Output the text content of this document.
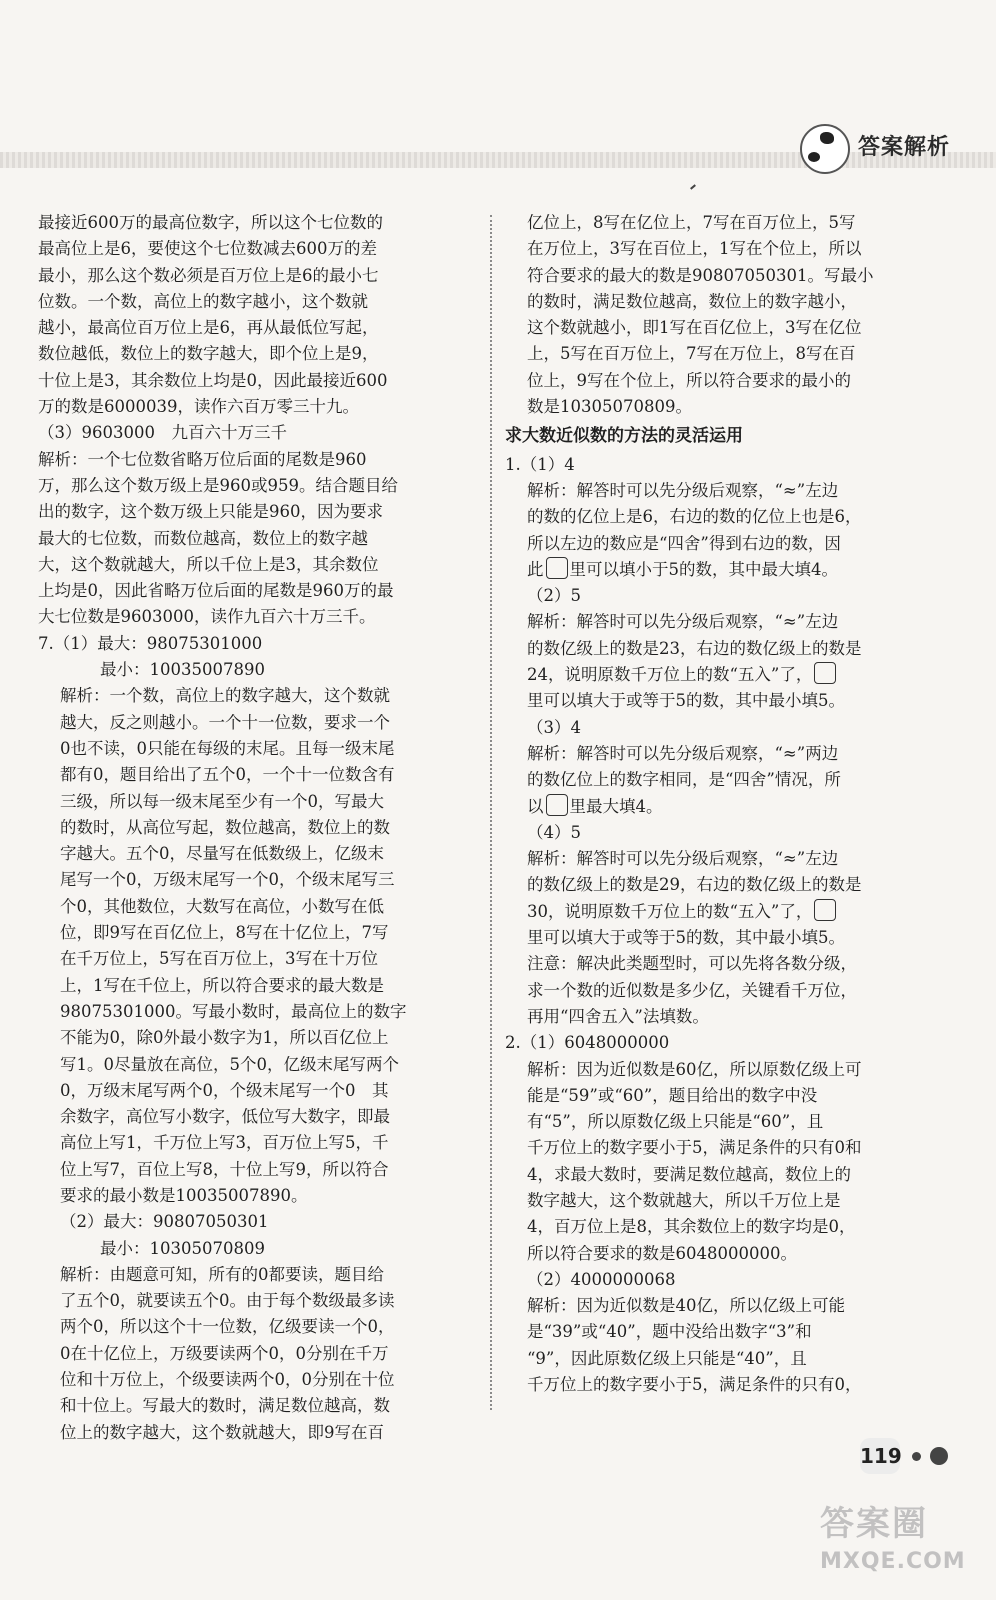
答案解析
最接近600万的最高位数字，所以这个七位数的
最高位上是6，要使这个七位数减去600万的差
最小，那么这个数必须是百万位上是6的最小七
位数。一个数，高位上的数字越小，这个数就
越小，最高位百万位上是6，再从最低位写起，
数位越低，数位上的数字越大，即个位上是9，
十位上是3，其余数位上均是0，因此最接近600
万的数是6000039，读作六百万零三十九。
（3）9603000　九百六十万三千
解析：一个七位数省略万位后面的尾数是960
万，那么这个数万级上是960或959。结合题目给
出的数字，这个数万级上只能是960，因为要求
最大的七位数，而数位越高，数位上的数字越
大，这个数就越大，所以千位上是3，其余数位
上均是0，因此省略万位后面的尾数是960万的最
大七位数是9603000，读作九百六十万三千。
7.（1）最大：98075301000
最小：10035007890
解析：一个数，高位上的数字越大，这个数就
越大，反之则越小。一个十一位数，要求一个
0也不读，0只能在每级的末尾。且每一级末尾
都有0，题目给出了五个0，一个十一位数含有
三级，所以每一级末尾至少有一个0，写最大
的数时，从高位写起，数位越高，数位上的数
字越大。五个0，尽量写在低数级上，亿级末
尾写一个0，万级末尾写一个0，个级末尾写三
个0，其他数位，大数写在高位，小数写在低
位，即9写在百亿位上，8写在十亿位上，7写
在千万位上，5写在百万位上，3写在十万位
上，1写在千位上，所以符合要求的最大数是
98075301000。写最小数时，最高位上的数字
不能为0，除0外最小数字为1，所以百亿位上
写1。0尽量放在高位，5个0，亿级末尾写两个
0，万级末尾写两个0，个级末尾写一个0　其
余数字，高位写小数字，低位写大数字，即最
高位上写1，千万位上写3，百万位上写5，千
位上写7，百位上写8，十位上写9，所以符合
要求的最小数是10035007890。
（2）最大：90807050301
最小：10305070809
解析：由题意可知，所有的0都要读，题目给
了五个0，就要读五个0。由于每个数级最多读
两个0，所以这个十一位数，亿级要读一个0，
0在十亿位上，万级要读两个0，0分别在千万
位和十万位上，个级要读两个0，0分别在十位
和十位上。写最大的数时，满足数位越高，数
位上的数字越大，这个数就越大，即9写在百
亿位上，8写在亿位上，7写在百万位上，5写
在万位上，3写在百位上，1写在个位上，所以
符合要求的最大的数是90807050301。写最小
的数时，满足数位越高，数位上的数字越小，
这个数就越小，即1写在百亿位上，3写在亿位
上，5写在百万位上，7写在万位上，8写在百
位上，9写在个位上，所以符合要求的最小的
数是10305070809。
求大数近似数的方法的灵活运用
1.（1）4
解析：解答时可以先分级后观察，“≈”左边
的数的亿位上是6，右边的数的亿位上也是6，
所以左边的数应是“四舍”得到右边的数，因
此 里可以填小于5的数，其中最大填4。
（2）5
解析：解答时可以先分级后观察，“≈”左边
的数亿级上的数是23，右边的数亿级上的数是
24，说明原数千万位上的数“五入”了，
里可以填大于或等于5的数，其中最小填5。
（3）4
解析：解答时可以先分级后观察，“≈”两边
的数亿位上的数字相同，是“四舍”情况，所
以 里最大填4。
（4）5
解析：解答时可以先分级后观察，“≈”左边
的数亿级上的数是29，右边的数亿级上的数是
30，说明原数千万位上的数“五入”了，
里可以填大于或等于5的数，其中最小填5。
注意：解决此类题型时，可以先将各数分级，
求一个数的近似数是多少亿，关键看千万位，
再用“四舍五入”法填数。
2.（1）6048000000
解析：因为近似数是60亿，所以原数亿级上可
能是“59”或“60”，题目给出的数字中没
有“5”，所以原数亿级上只能是“60”，且
千万位上的数字要小于5，满足条件的只有0和
4，求最大数时，要满足数位越高，数位上的
数字越大，这个数就越大，所以千万位上是
4，百万位上是8，其余数位上的数字均是0，
所以符合要求的数是6048000000。
（2）4000000068
解析：因为近似数是40亿，所以亿级上可能
是“39”或“40”，题中没给出数字“3”和
“9”，因此原数亿级上只能是“40”，且
千万位上的数字要小于5，满足条件的只有0，
119
答案圈
MXQE.COM
